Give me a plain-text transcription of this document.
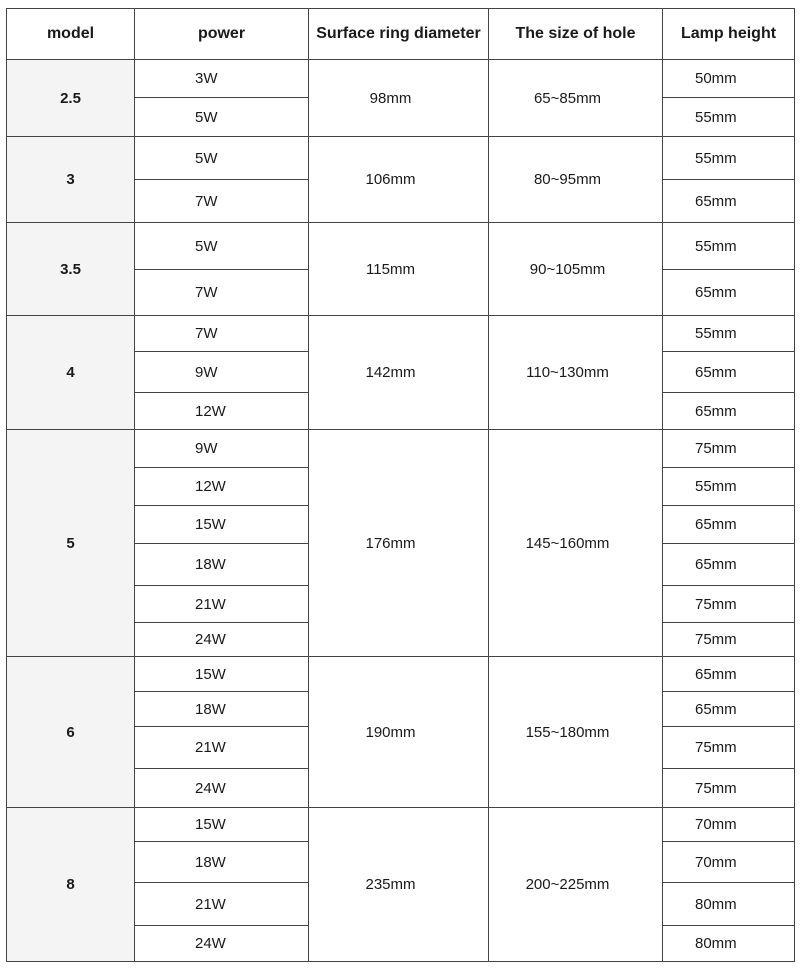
model	power	Surface ring diameter	The size of hole	Lamp height
2.5	3W	98mm	65~85mm	50mm
	5W			55mm
3	5W	106mm	80~95mm	55mm
	7W			65mm
3.5	5W	115mm	90~105mm	55mm
	7W			65mm
4	7W	142mm	110~130mm	55mm
	9W			65mm
	12W			65mm
5	9W	176mm	145~160mm	75mm
	12W			55mm
	15W			65mm
	18W			65mm
	21W			75mm
	24W			75mm
6	15W	190mm	155~180mm	65mm
	18W			65mm
	21W			75mm
	24W			75mm
8	15W	235mm	200~225mm	70mm
	18W			70mm
	21W			80mm
	24W			80mm
